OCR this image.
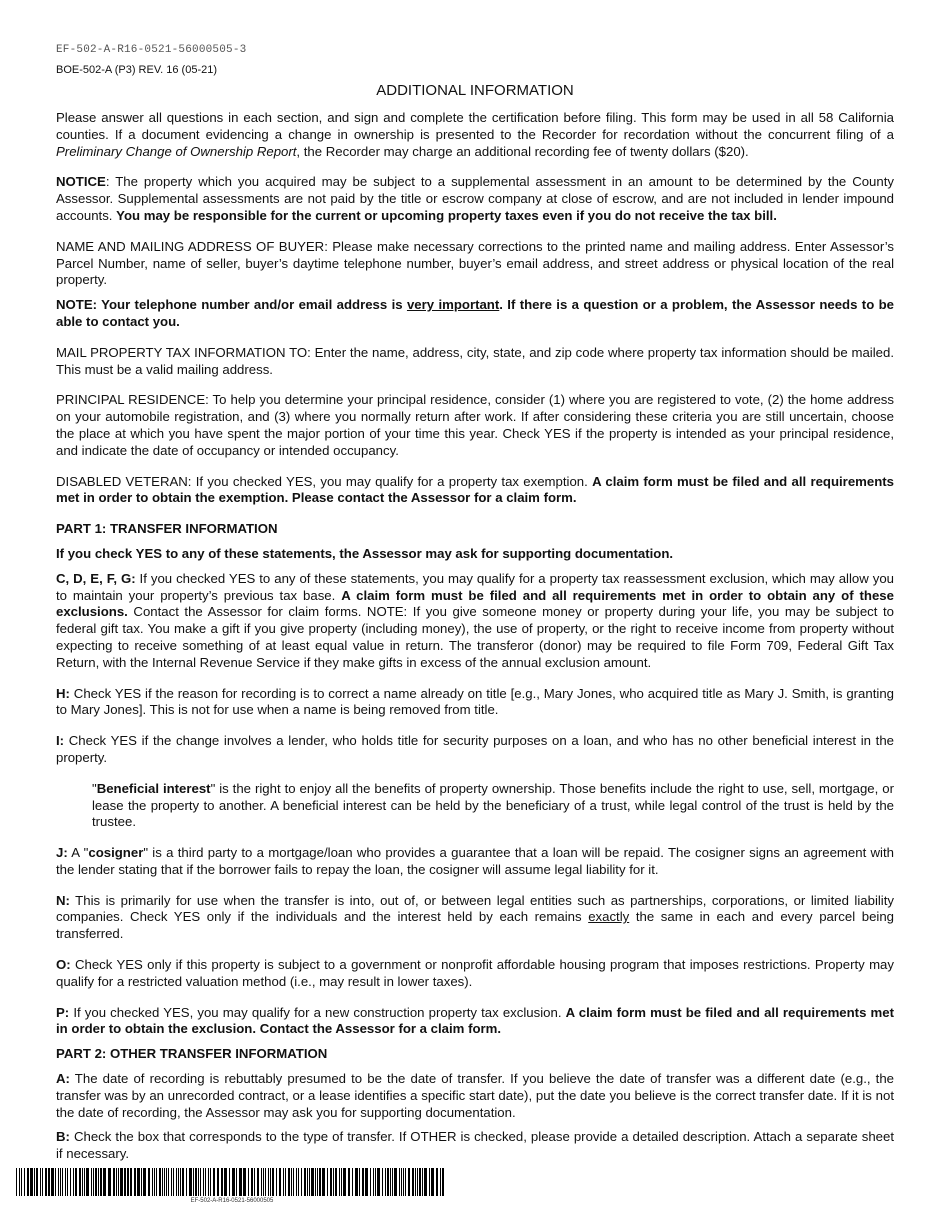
EF-502-A-R16-0521-56000505-3
BOE-502-A (P3) REV. 16 (05-21)
ADDITIONAL INFORMATION

Please answer all questions in each section, and sign and complete the certification before filing. This form may be used in all 58 California counties. If a document evidencing a change in ownership is presented to the Recorder for recordation without the concurrent filing of a Preliminary Change of Ownership Report, the Recorder may charge an additional recording fee of twenty dollars ($20).

NOTICE: The property which you acquired may be subject to a supplemental assessment in an amount to be determined by the County Assessor. Supplemental assessments are not paid by the title or escrow company at close of escrow, and are not included in lender impound accounts. You may be responsible for the current or upcoming property taxes even if you do not receive the tax bill.

NAME AND MAILING ADDRESS OF BUYER: Please make necessary corrections to the printed name and mailing address. Enter Assessor’s Parcel Number, name of seller, buyer’s daytime telephone number, buyer’s email address, and street address or physical location of the real property.

NOTE: Your telephone number and/or email address is very important. If there is a question or a problem, the Assessor needs to be able to contact you.

MAIL PROPERTY TAX INFORMATION TO: Enter the name, address, city, state, and zip code where property tax information should be mailed. This must be a valid mailing address.

PRINCIPAL RESIDENCE: To help you determine your principal residence, consider (1) where you are registered to vote, (2) the home address on your automobile registration, and (3) where you normally return after work. If after considering these criteria you are still uncertain, choose the place at which you have spent the major portion of your time this year. Check YES if the property is intended as your principal residence, and indicate the date of occupancy or intended occupancy.

DISABLED VETERAN: If you checked YES, you may qualify for a property tax exemption. A claim form must be filed and all requirements met in order to obtain the exemption. Please contact the Assessor for a claim form.

PART 1: TRANSFER INFORMATION

If you check YES to any of these statements, the Assessor may ask for supporting documentation.

C, D, E, F, G: If you checked YES to any of these statements, you may qualify for a property tax reassessment exclusion, which may allow you to maintain your property’s previous tax base. A claim form must be filed and all requirements met in order to obtain any of these exclusions. Contact the Assessor for claim forms. NOTE: If you give someone money or property during your life, you may be subject to federal gift tax. You make a gift if you give property (including money), the use of property, or the right to receive income from property without expecting to receive something of at least equal value in return. The transferor (donor) may be required to file Form 709, Federal Gift Tax Return, with the Internal Revenue Service if they make gifts in excess of the annual exclusion amount.

H: Check YES if the reason for recording is to correct a name already on title [e.g., Mary Jones, who acquired title as Mary J. Smith, is granting to Mary Jones]. This is not for use when a name is being removed from title.

I: Check YES if the change involves a lender, who holds title for security purposes on a loan, and who has no other beneficial interest in the property.

"Beneficial interest" is the right to enjoy all the benefits of property ownership. Those benefits include the right to use, sell, mortgage, or lease the property to another. A beneficial interest can be held by the beneficiary of a trust, while legal control of the trust is held by the trustee.

J: A "cosigner" is a third party to a mortgage/loan who provides a guarantee that a loan will be repaid. The cosigner signs an agreement with the lender stating that if the borrower fails to repay the loan, the cosigner will assume legal liability for it.

N: This is primarily for use when the transfer is into, out of, or between legal entities such as partnerships, corporations, or limited liability companies. Check YES only if the individuals and the interest held by each remains exactly the same in each and every parcel being transferred.

O: Check YES only if this property is subject to a government or nonprofit affordable housing program that imposes restrictions. Property may qualify for a restricted valuation method (i.e., may result in lower taxes).

P: If you checked YES, you may qualify for a new construction property tax exclusion. A claim form must be filed and all requirements met in order to obtain the exclusion. Contact the Assessor for a claim form.

PART 2: OTHER TRANSFER INFORMATION

A: The date of recording is rebuttably presumed to be the date of transfer. If you believe the date of transfer was a different date (e.g., the transfer was by an unrecorded contract, or a lease identifies a specific start date), put the date you believe is the correct transfer date. If it is not the date of recording, the Assessor may ask you for supporting documentation.

B: Check the box that corresponds to the type of transfer. If OTHER is checked, please provide a detailed description. Attach a separate sheet if necessary.

EF-502-A-R16-0521-56000505
